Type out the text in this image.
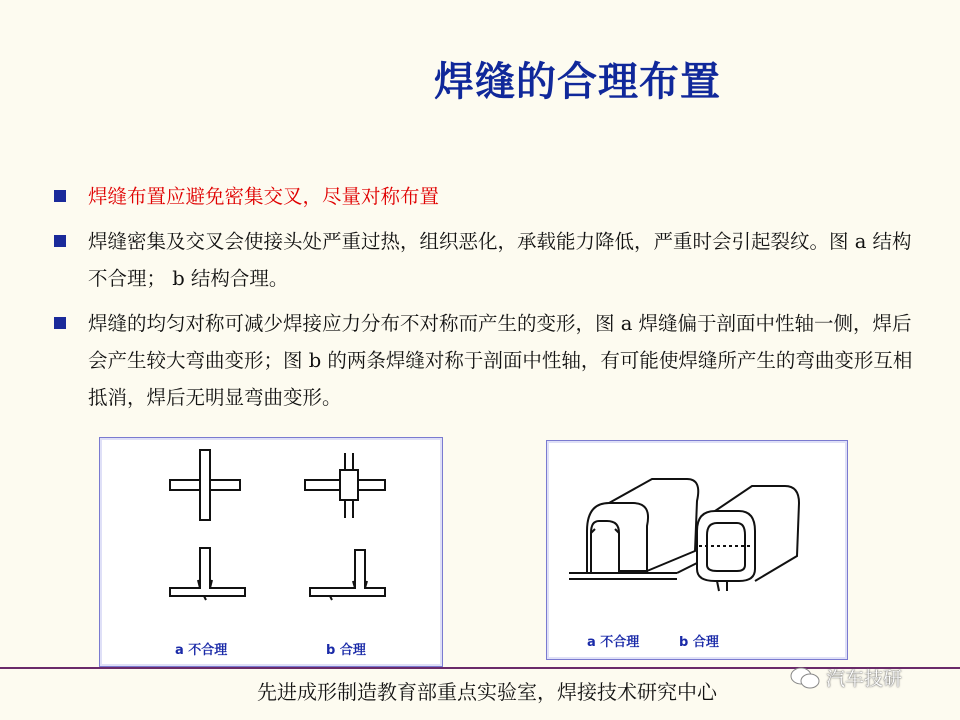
焊缝的合理布置
焊缝布置应避免密集交叉，尽量对称布置
焊缝密集及交叉会使接头处严重过热，组织恶化，承载能力降低，严重时会引起裂纹。图 a 结构不合理； b 结构合理。
焊缝的均匀对称可减少焊接应力分布不对称而产生的变形，图 a 焊缝偏于剖面中性轴一侧，焊后会产生较大弯曲变形；图 b 的两条焊缝对称于剖面中性轴，有可能使焊缝所产生的弯曲变形互相抵消，焊后无明显弯曲变形。
a 不合理	b 合理
a 不合理	b 合理
先进成形制造教育部重点实验室，焊接技术研究中心
汽车技研
